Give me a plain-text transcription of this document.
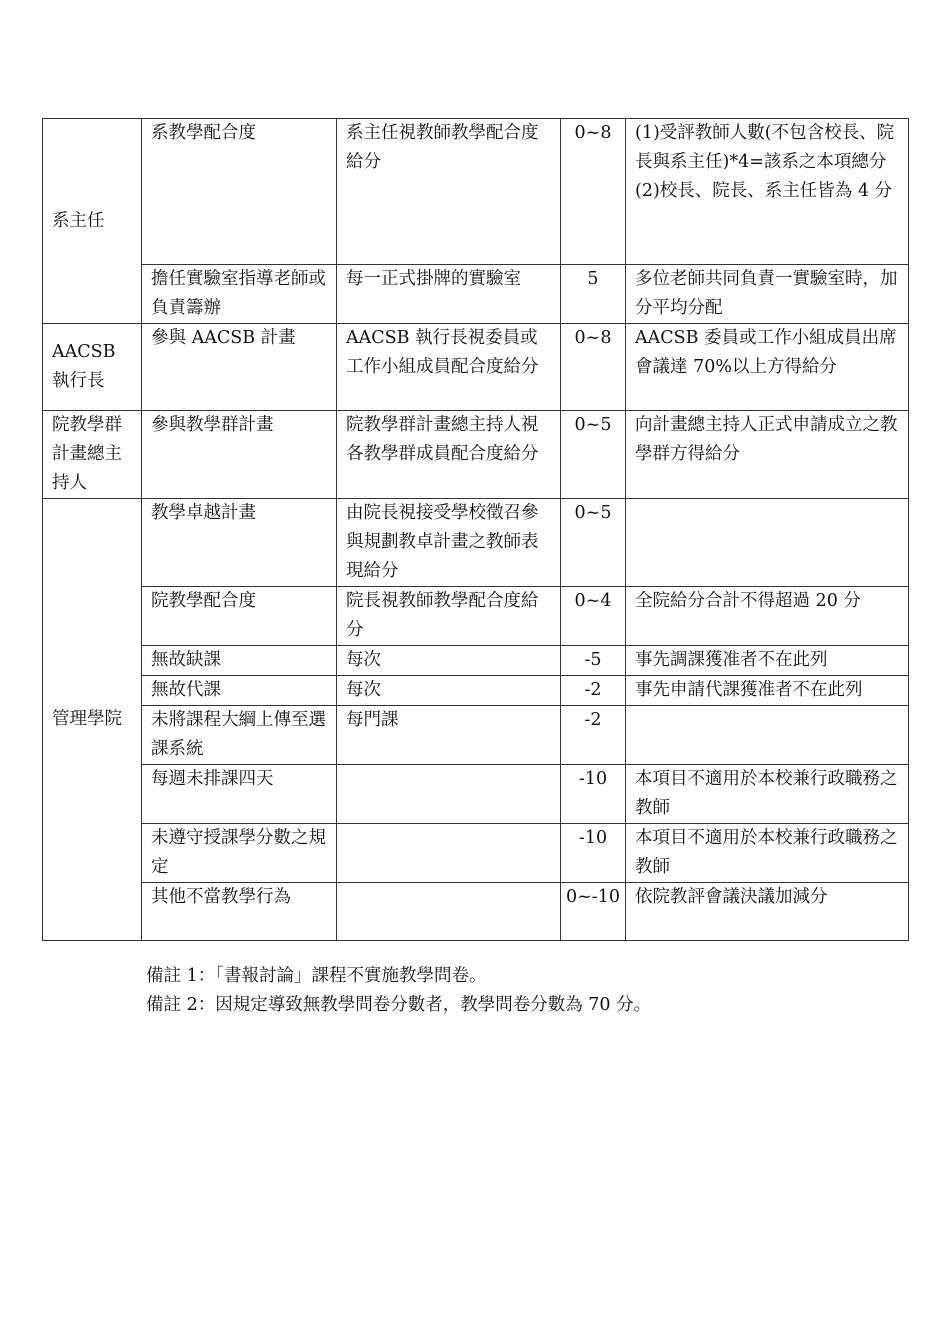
系主任	系教學配合度	系主任視教師教學配合度給分	0~8	(1)受評教師人數(不包含校長、院長與系主任)*4=該系之本項總分
(2)校長、院長、系主任皆為 4 分
	擔任實驗室指導老師或負責籌辦	每一正式掛牌的實驗室	5	多位老師共同負責一實驗室時，加分平均分配
AACSB 執行長	參與 AACSB 計畫	AACSB 執行長視委員或工作小組成員配合度給分	0~8	AACSB 委員或工作小組成員出席會議達 70%以上方得給分
院教學群計畫總主持人	參與教學群計畫	院教學群計畫總主持人視各教學群成員配合度給分	0~5	向計畫總主持人正式申請成立之教學群方得給分
管理學院	教學卓越計畫	由院長視接受學校徵召參與規劃教卓計畫之教師表現給分	0~5	
	院教學配合度	院長視教師教學配合度給分	0~4	全院給分合計不得超過 20 分
	無故缺課	每次	-5	事先調課獲准者不在此列
	無故代課	每次	-2	事先申請代課獲准者不在此列
	未將課程大綱上傳至選課系統	每門課	-2	
	每週未排課四天		-10	本項目不適用於本校兼行政職務之教師
	未遵守授課學分數之規定		-10	本項目不適用於本校兼行政職務之教師
	其他不當教學行為		0~-10	依院教評會議決議加減分
備註 1：「書報討論」課程不實施教學問卷。
備註 2：因規定導致無教學問卷分數者，教學問卷分數為 70 分。
